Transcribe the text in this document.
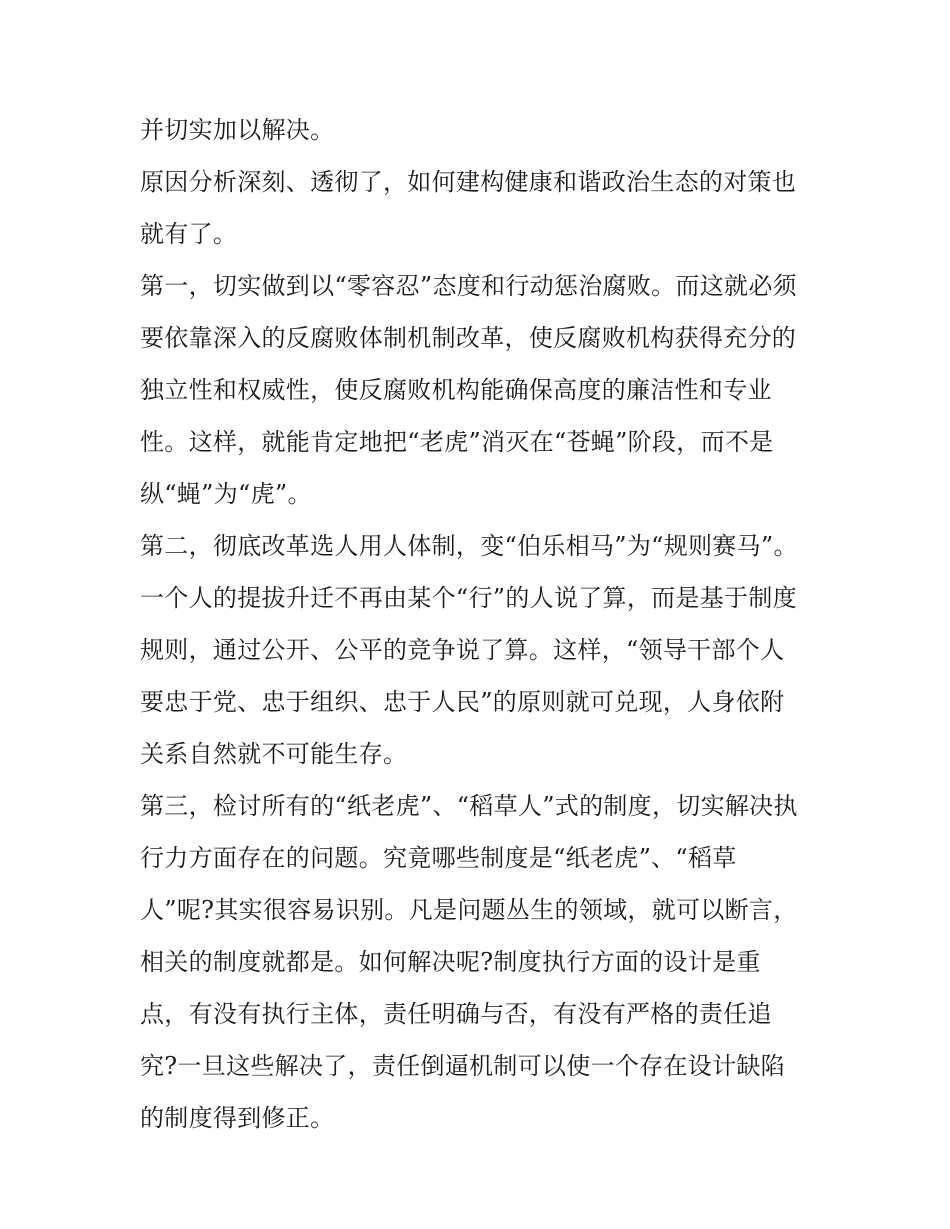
并切实加以解决。
原因分析深刻、透彻了，如何建构健康和谐政治生态的对策也
就有了。
第一，切实做到以“零容忍”态度和行动惩治腐败。而这就必须
要依靠深入的反腐败体制机制改革，使反腐败机构获得充分的
独立性和权威性，使反腐败机构能确保高度的廉洁性和专业
性。这样，就能肯定地把“老虎”消灭在“苍蝇”阶段，而不是
纵“蝇”为“虎”。
第二，彻底改革选人用人体制，变“伯乐相马”为“规则赛马”。
一个人的提拔升迁不再由某个“行”的人说了算，而是基于制度
规则，通过公开、公平的竞争说了算。这样，“领导干部个人
要忠于党、忠于组织、忠于人民”的原则就可兑现，人身依附
关系自然就不可能生存。
第三，检讨所有的“纸老虎”、“稻草人”式的制度，切实解决执
行力方面存在的问题。究竟哪些制度是“纸老虎”、“稻草
人”呢?其实很容易识别。凡是问题丛生的领域，就可以断言，
相关的制度就都是。如何解决呢?制度执行方面的设计是重
点，有没有执行主体，责任明确与否，有没有严格的责任追
究?一旦这些解决了，责任倒逼机制可以使一个存在设计缺陷
的制度得到修正。
